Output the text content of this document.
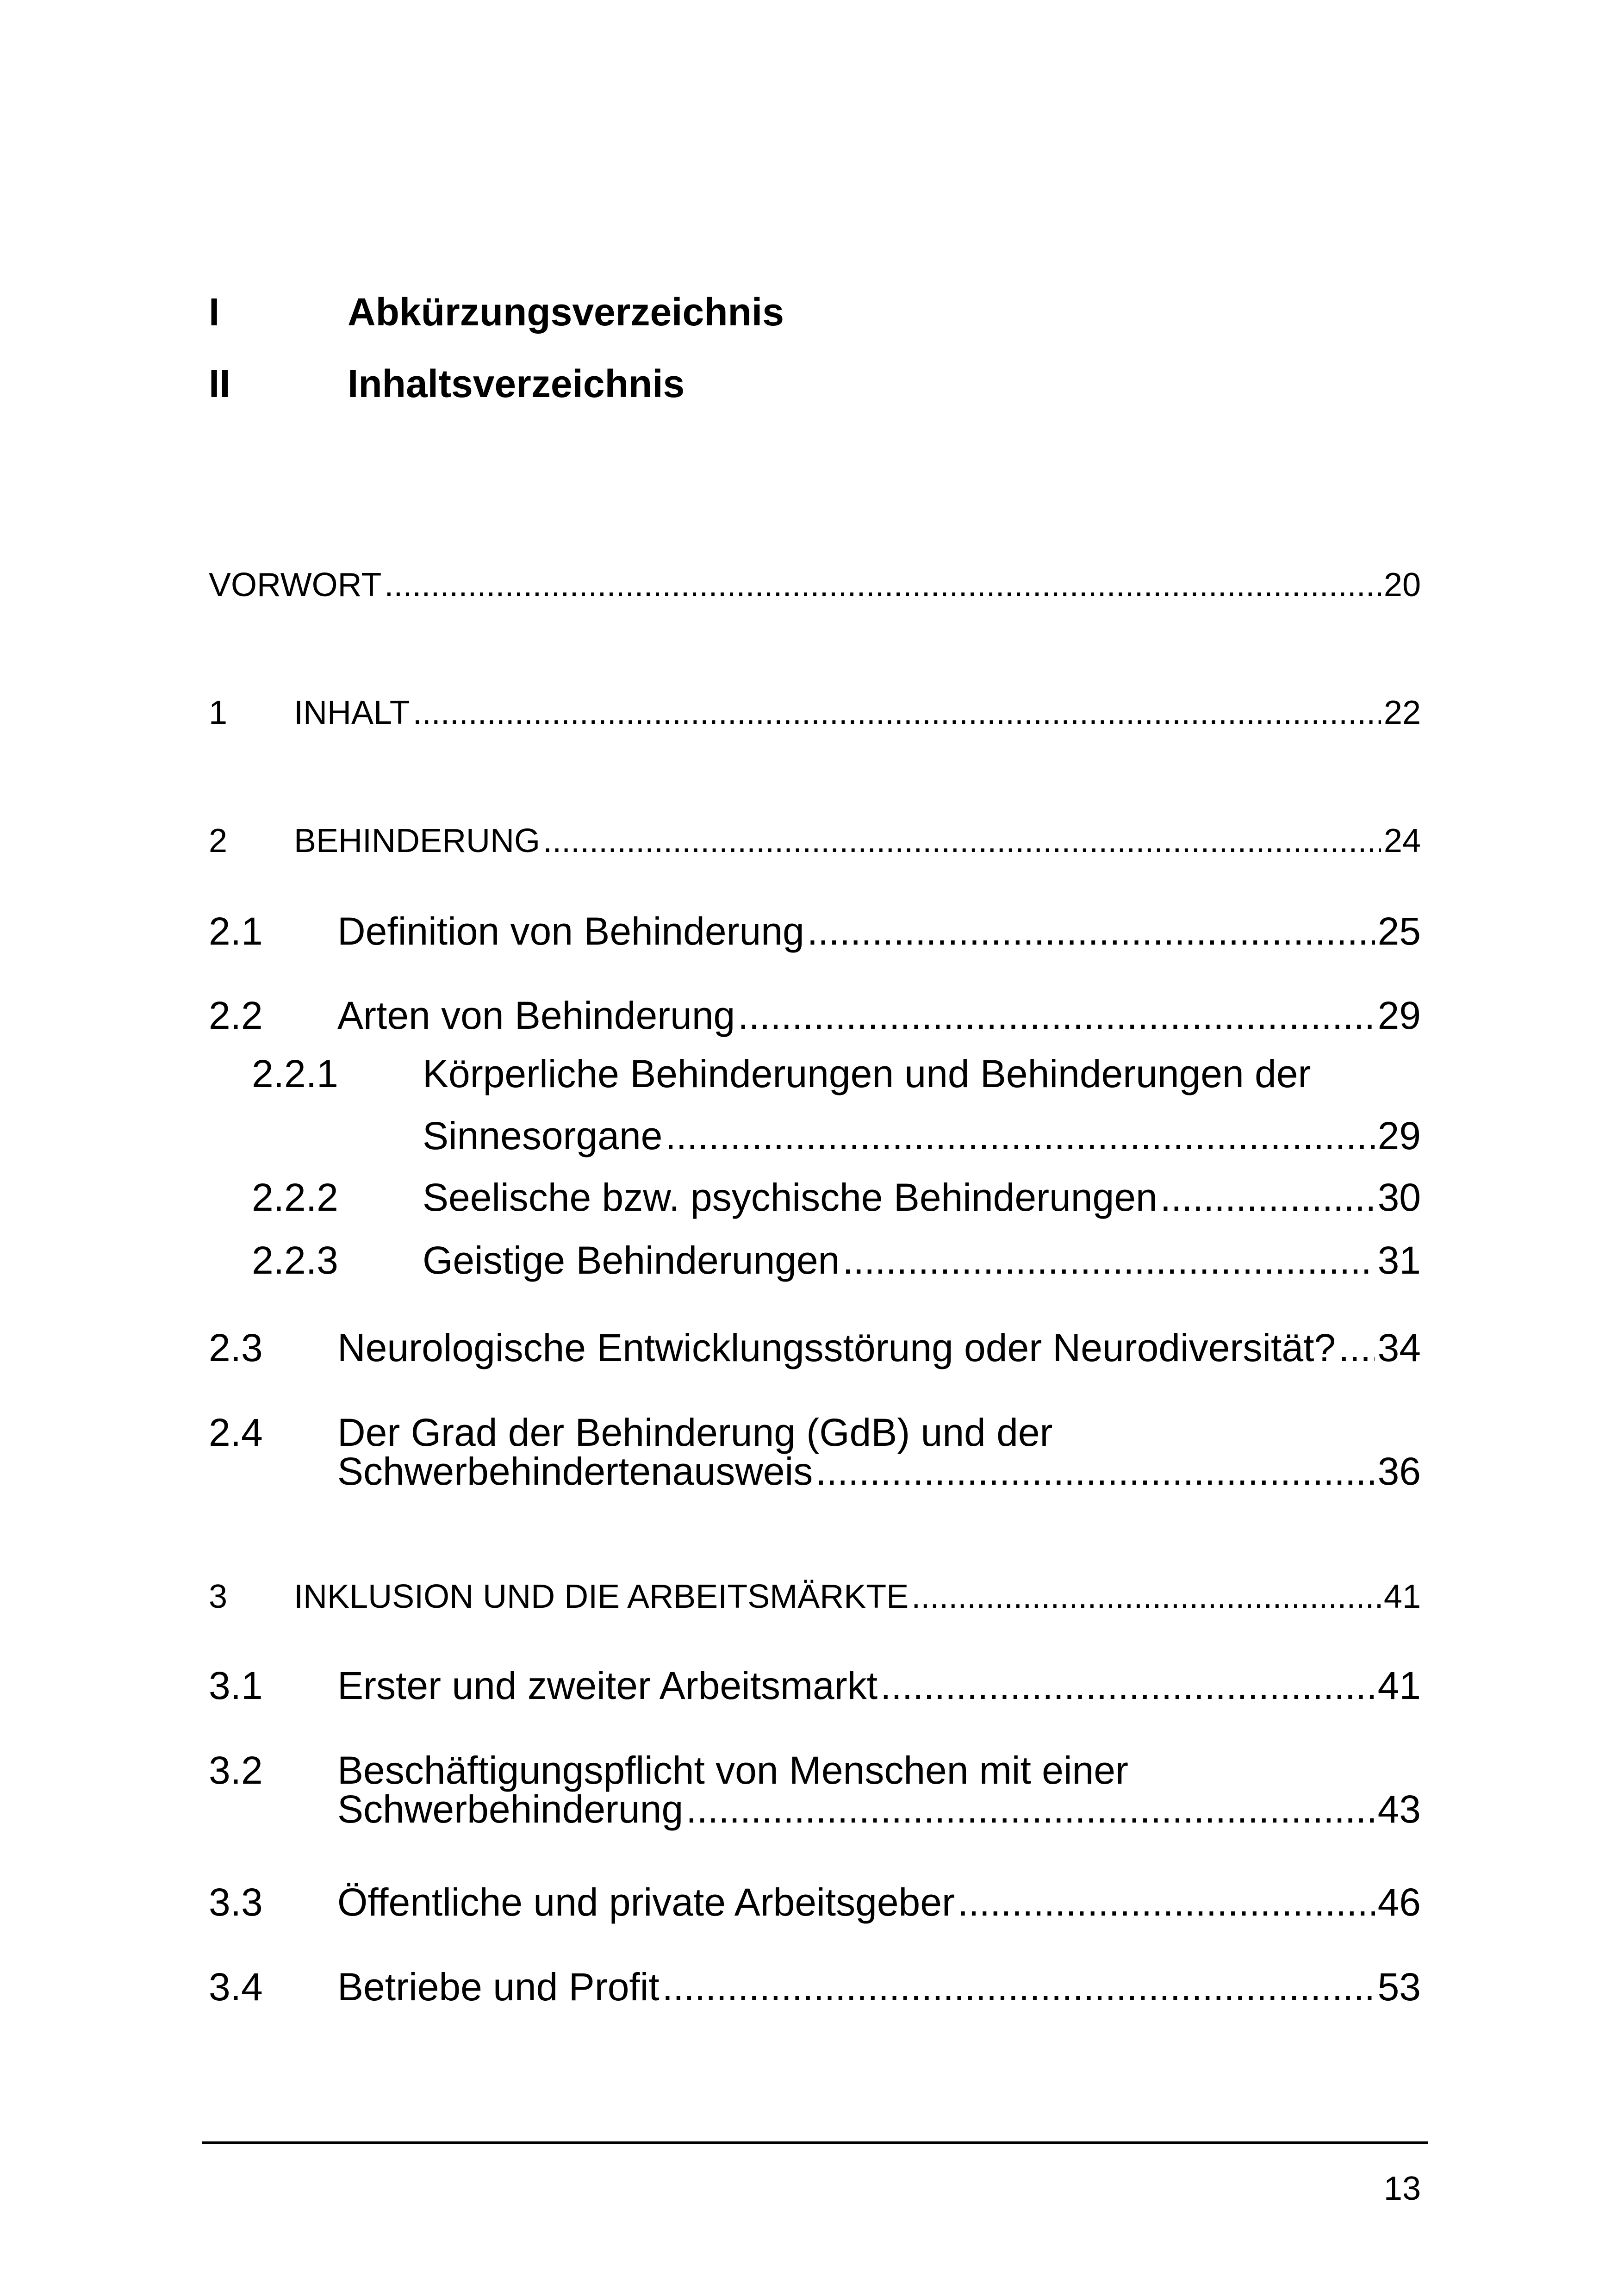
I	Abkürzungsverzeichnis
II	Inhaltsverzeichnis
VORWORT .....	20
1 INHALT .....	22
2 BEHINDERUNG .....	24
2.1 Definition von Behinderung .....	25
2.2 Arten von Behinderung .....	29
2.2.1 Körperliche Behinderungen und Behinderungen der
Sinnesorgane .....	29
2.2.2 Seelische bzw. psychische Behinderungen .....	30
2.2.3 Geistige Behinderungen .....	31
2.3 Neurologische Entwicklungsstörung oder Neurodiversität? ..... 34
2.4 Der Grad der Behinderung (GdB) und der
Schwerbehindertenausweis .....	36
3 INKLUSION UND DIE ARBEITSMÄRKTE .....	41
3.1 Erster und zweiter Arbeitsmarkt .....	41
3.2 Beschäftigungspflicht von Menschen mit einer
Schwerbehinderung .....	43
3.3 Öffentliche und private Arbeitsgeber .....	46
3.4 Betriebe und Profit .....	53
13
